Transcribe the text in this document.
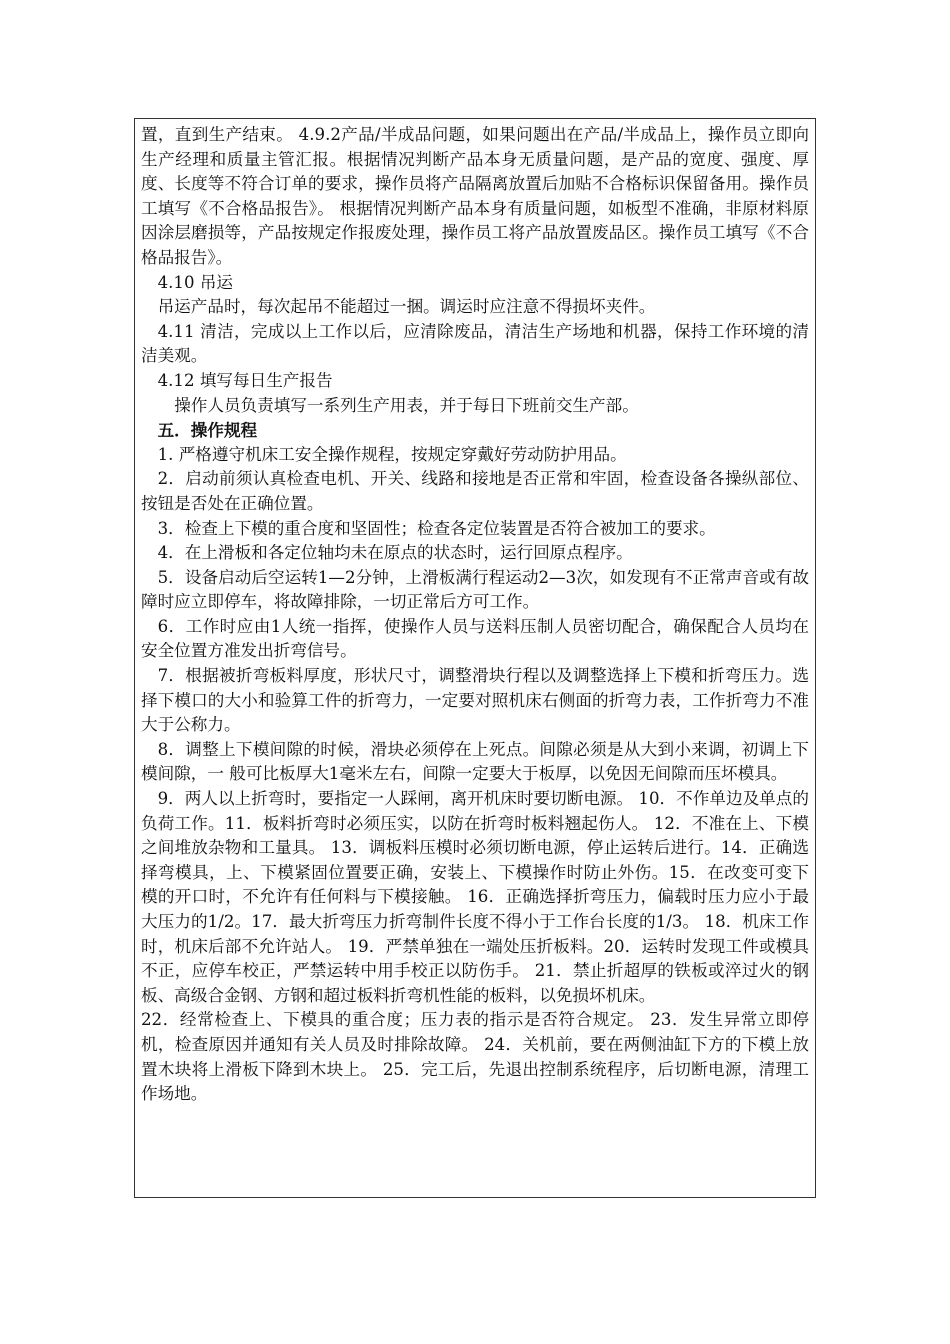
置，直到生产结束。 4.9.2产品/半成品问题，如果问题出在产品/半成品上，操作员立即向生产经理和质量主管汇报。根据情况判断产品本身无质量问题，是产品的宽度、强度、厚度、长度等不符合订单的要求，操作员将产品隔离放置后加贴不合格标识保留备用。操作员工填写《不合格品报告》。 根据情况判断产品本身有质量问题，如板型不准确，非原材料原因涂层磨损等，产品按规定作报废处理，操作员工将产品放置废品区。操作员工填写《不合格品报告》。

4.10 吊运

吊运产品时，每次起吊不能超过一捆。调运时应注意不得损坏夹件。

4.11 清洁，完成以上工作以后，应清除废品，清洁生产场地和机器，保持工作环境的清洁美观。

4.12 填写每日生产报告

操作人员负责填写一系列生产用表，并于每日下班前交生产部。

五．操作规程

1. 严格遵守机床工安全操作规程，按规定穿戴好劳动防护用品。

2．启动前须认真检查电机、开关、线路和接地是否正常和牢固，检查设备各操纵部位、按钮是否处在正确位置。

3．检查上下模的重合度和坚固性；检查各定位装置是否符合被加工的要求。

4．在上滑板和各定位轴均未在原点的状态时，运行回原点程序。

5．设备启动后空运转1—2分钟，上滑板满行程运动2—3次，如发现有不正常声音或有故障时应立即停车，将故障排除，一切正常后方可工作。

6．工作时应由1人统一指挥，使操作人员与送料压制人员密切配合，确保配合人员均在安全位置方准发出折弯信号。

7．根据被折弯板料厚度，形状尺寸，调整滑块行程以及调整选择上下模和折弯压力。选择下模口的大小和验算工件的折弯力，一定要对照机床右侧面的折弯力表，工作折弯力不准大于公称力。

8．调整上下模间隙的时候，滑块必须停在上死点。间隙必须是从大到小来调，初调上下模间隙，一 般可比板厚大1毫米左右，间隙一定要大于板厚，以免因无间隙而压坏模具。

9．两人以上折弯时，要指定一人踩闸，离开机床时要切断电源。 10．不作单边及单点的负荷工作。11．板料折弯时必须压实，以防在折弯时板料翘起伤人。 12．不准在上、下模之间堆放杂物和工量具。 13．调板料压模时必须切断电源，停止运转后进行。14．正确选择弯模具，上、下模紧固位置要正确，安装上、下模操作时防止外伤。15．在改变可变下模的开口时，不允许有任何料与下模接触。 16．正确选择折弯压力，偏载时压力应小于最大压力的1/2。17．最大折弯压力折弯制件长度不得小于工作台长度的1/3。 18．机床工作时，机床后部不允许站人。 19．严禁单独在一端处压折板料。20．运转时发现工件或模具不正，应停车校正，严禁运转中用手校正以防伤手。 21．禁止折超厚的铁板或淬过火的钢板、高级合金钢、方钢和超过板料折弯机性能的板料，以免损坏机床。

22．经常检查上、下模具的重合度；压力表的指示是否符合规定。 23．发生异常立即停机，检查原因并通知有关人员及时排除故障。 24．关机前，要在两侧油缸下方的下模上放置木块将上滑板下降到木块上。 25．完工后，先退出控制系统程序，后切断电源，清理工作场地。
